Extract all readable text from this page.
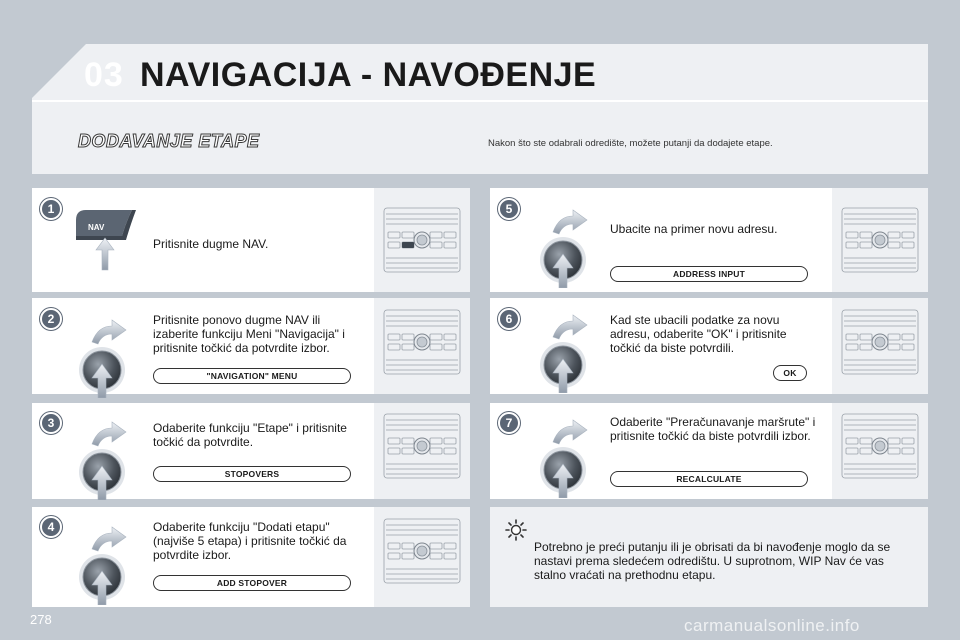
03 NAVIGACIJA - NAVOĐENJE
DODAVANJE ETAPE	Nakon što ste odabrali odredište, možete putanji da dodajete etape.
1
NAV
Pritisnite dugme NAV.
2	Pritisnite ponovo dugme NAV ili izaberite funkciju Meni "Navigacija" i pritisnite točkić da potvrdite izbor.
"NAVIGATION" MENU
3	Odaberite funkciju "Etape" i pritisnite točkić da potvrdite.
STOPOVERS
4	Odaberite funkciju "Dodati etapu" (najviše 5 etapa) i pritisnite točkić da potvrdite izbor.
ADD STOPOVER
5
Ubacite na primer novu adresu.
ADDRESS INPUT
6	Kad ste ubacili podatke za novu adresu, odaberite "OK" i pritisnite točkić da biste potvrdili.
OK
7	Odaberite "Preračunavanje maršrute" i pritisnite točkić da biste potvrdili izbor.
RECALCULATE
Potrebno je preći putanju ili je obrisati da bi navođenje moglo da se nastavi prema sledećem odredištu. U suprotnom, WIP Nav će vas stalno vraćati na prethodnu etapu.
278	carmanualsonline.info
